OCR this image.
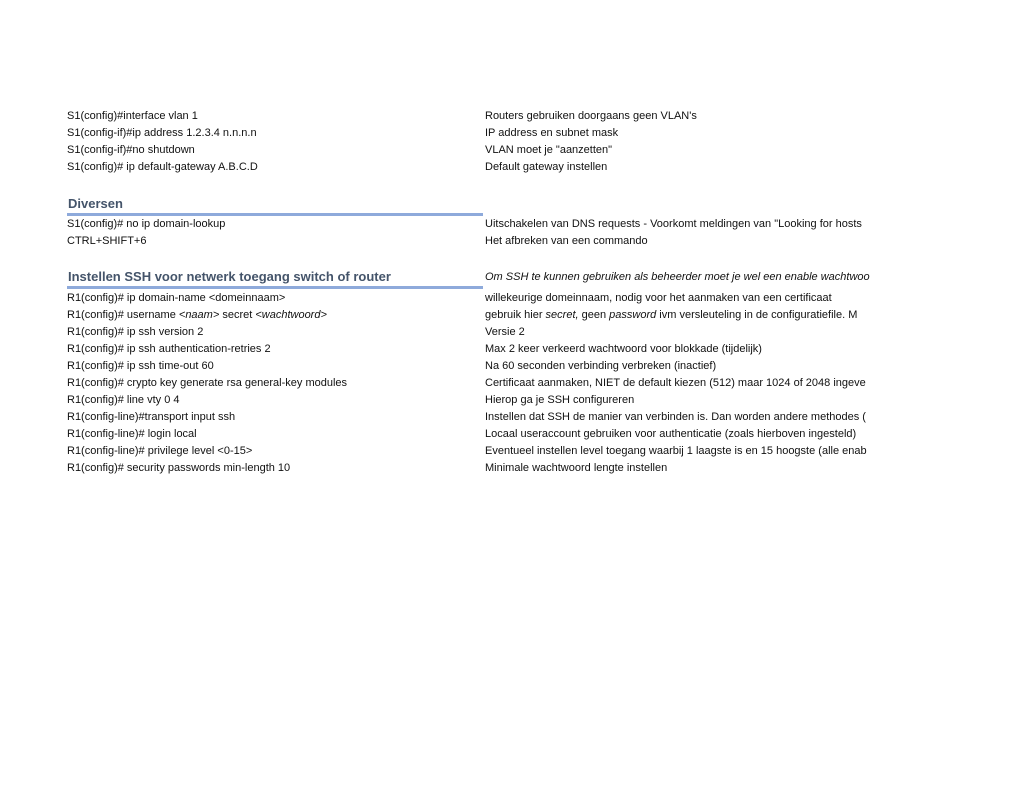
S1(config)#interface vlan 1	Routers gebruiken doorgaans geen VLAN's
S1(config-if)#ip address 1.2.3.4 n.n.n.n	IP address en subnet mask
S1(config-if)#no shutdown	VLAN moet je "aanzetten"
S1(config)# ip default-gateway A.B.C.D	Default gateway instellen
Diversen
S1(config)# no ip domain-lookup	Uitschakelen van DNS requests - Voorkomt meldingen van "Looking for hosts
CTRL+SHIFT+6	Het afbreken van een commando
Instellen SSH voor netwerk toegang switch of router	Om SSH te kunnen gebruiken als beheerder moet je wel een enable wachtwoo
R1(config)# ip domain-name <domeinnaam>	willekeurige domeinnaam, nodig voor het aanmaken van een certificaat
R1(config)# username <naam> secret <wachtwoord>	gebruik hier secret, geen password ivm versleuteling in de configuratiefile. M
R1(config)# ip ssh version 2	Versie 2
R1(config)# ip ssh authentication-retries 2	Max 2 keer verkeerd wachtwoord voor blokkade (tijdelijk)
R1(config)# ip ssh time-out 60	Na 60 seconden verbinding verbreken (inactief)
R1(config)# crypto key generate rsa general-key modules	Certificaat aanmaken, NIET de default kiezen (512) maar 1024 of 2048 ingeve
R1(config)# line vty 0 4	Hierop ga je SSH configureren
R1(config-line)#transport input ssh	Instellen dat SSH de manier van verbinden is. Dan worden andere methodes (
R1(config-line)# login local	Locaal useraccount gebruiken voor authenticatie (zoals hierboven ingesteld)
R1(config-line)# privilege level <0-15>	Eventueel instellen level toegang waarbij 1 laagste is en 15 hoogste (alle enab
R1(config)# security passwords min-length 10	Minimale wachtwoord lengte instellen
